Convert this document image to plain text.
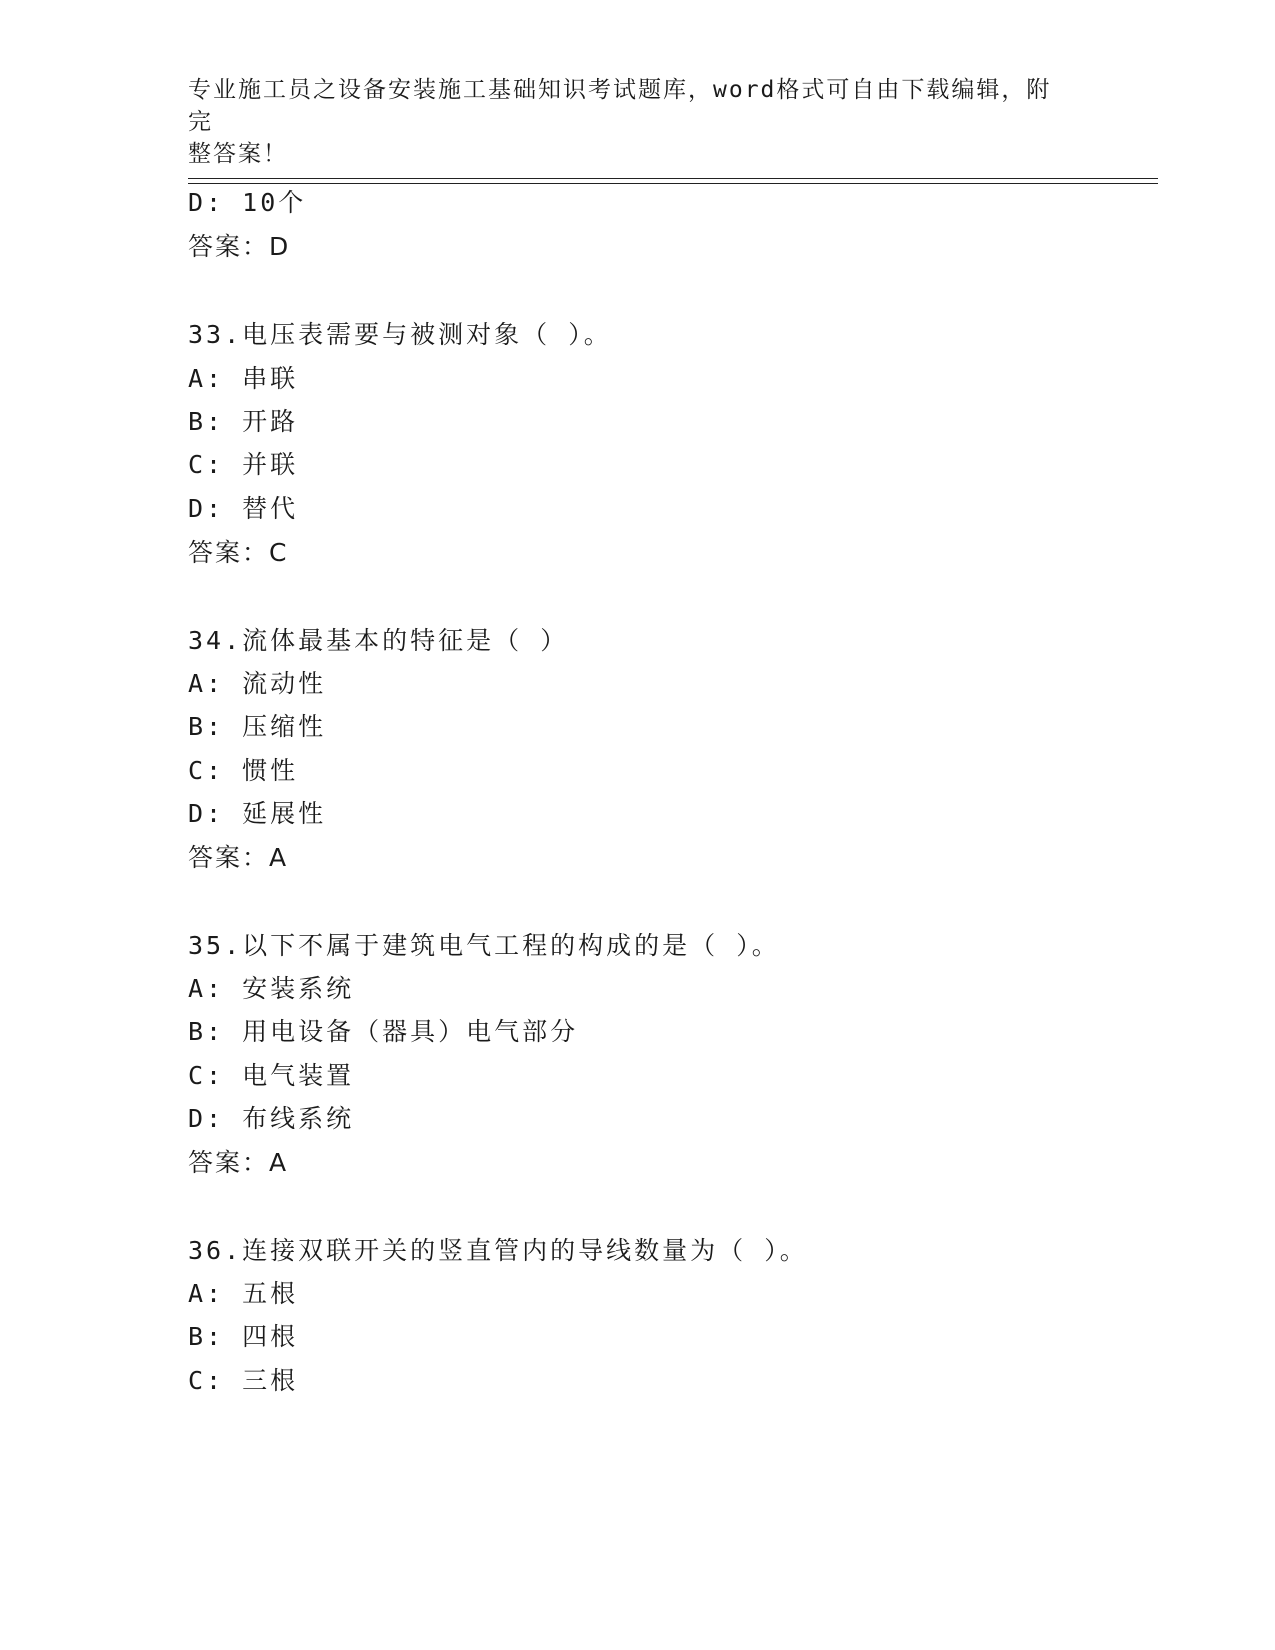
专业施工员之设备安装施工基础知识考试题库，word格式可自由下载编辑，附完
整答案！
D: 10个
答案：D
33.电压表需要与被测对象（ ）。
A: 串联
B: 开路
C: 并联
D: 替代
答案：C
34.流体最基本的特征是（ ）
A: 流动性
B: 压缩性
C: 惯性
D: 延展性
答案：A
35.以下不属于建筑电气工程的构成的是（ ）。
A: 安装系统
B: 用电设备（器具）电气部分
C: 电气装置
D: 布线系统
答案：A
36.连接双联开关的竖直管内的导线数量为（ ）。
A: 五根
B: 四根
C: 三根
